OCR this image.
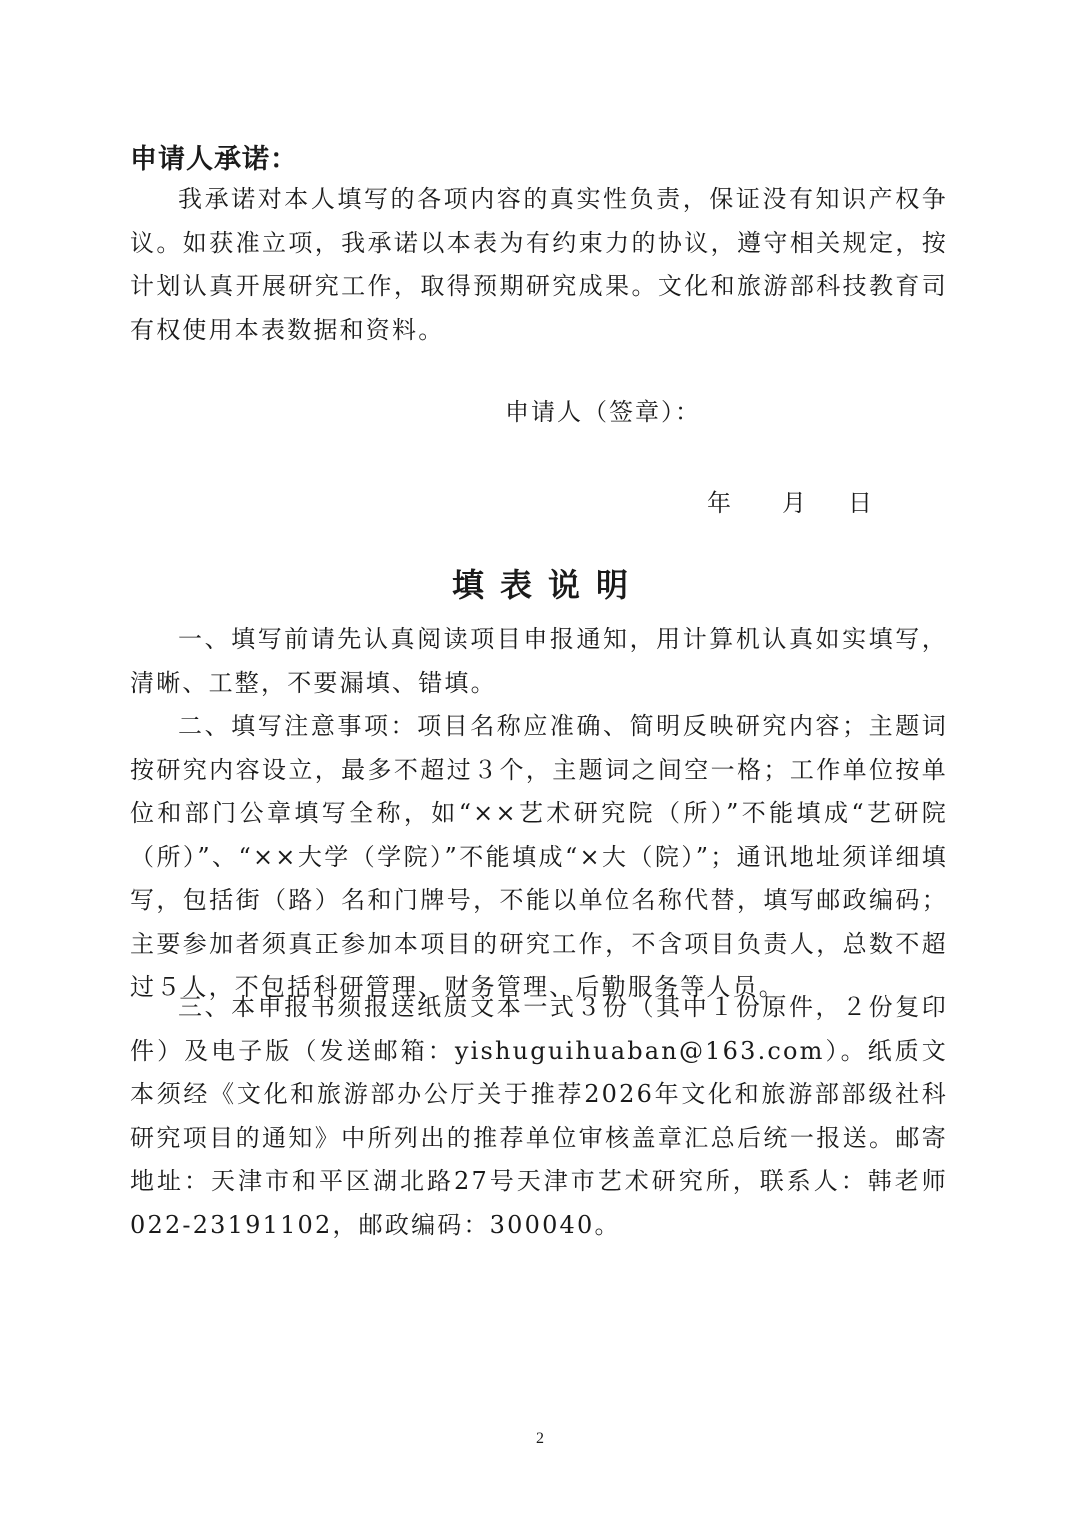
申请人承诺：

我承诺对本人填写的各项内容的真实性负责，保证没有知识产权争议。如获准立项，我承诺以本表为有约束力的协议，遵守相关规定，按计划认真开展研究工作，取得预期研究成果。文化和旅游部科技教育司有权使用本表数据和资料。

申请人（签章）：
年 月 日
填表说明

一、填写前请先认真阅读项目申报通知，用计算机认真如实填写，清晰、工整，不要漏填、错填。

二、填写注意事项：项目名称应准确、简明反映研究内容；主题词按研究内容设立，最多不超过３个，主题词之间空一格；工作单位按单位和部门公章填写全称，如“××艺术研究院（所）”不能填成“艺研院（所）”、“××大学（学院）”不能填成“×大（院）”；通讯地址须详细填写，包括街（路）名和门牌号，不能以单位名称代替，填写邮政编码；主要参加者须真正参加本项目的研究工作，不含项目负责人，总数不超过５人，不包括科研管理、财务管理、后勤服务等人员。

三、本申报书须报送纸质文本一式３份（其中１份原件，２份复印件）及电子版（发送邮箱：yishuguihuaban@163.com）。纸质文本须经《文化和旅游部办公厅关于推荐2026年文化和旅游部部级社科研究项目的通知》中所列出的推荐单位审核盖章汇总后统一报送。邮寄地址：天津市和平区湖北路27号天津市艺术研究所，联系人：韩老师022-23191102，邮政编码：300040。

2
